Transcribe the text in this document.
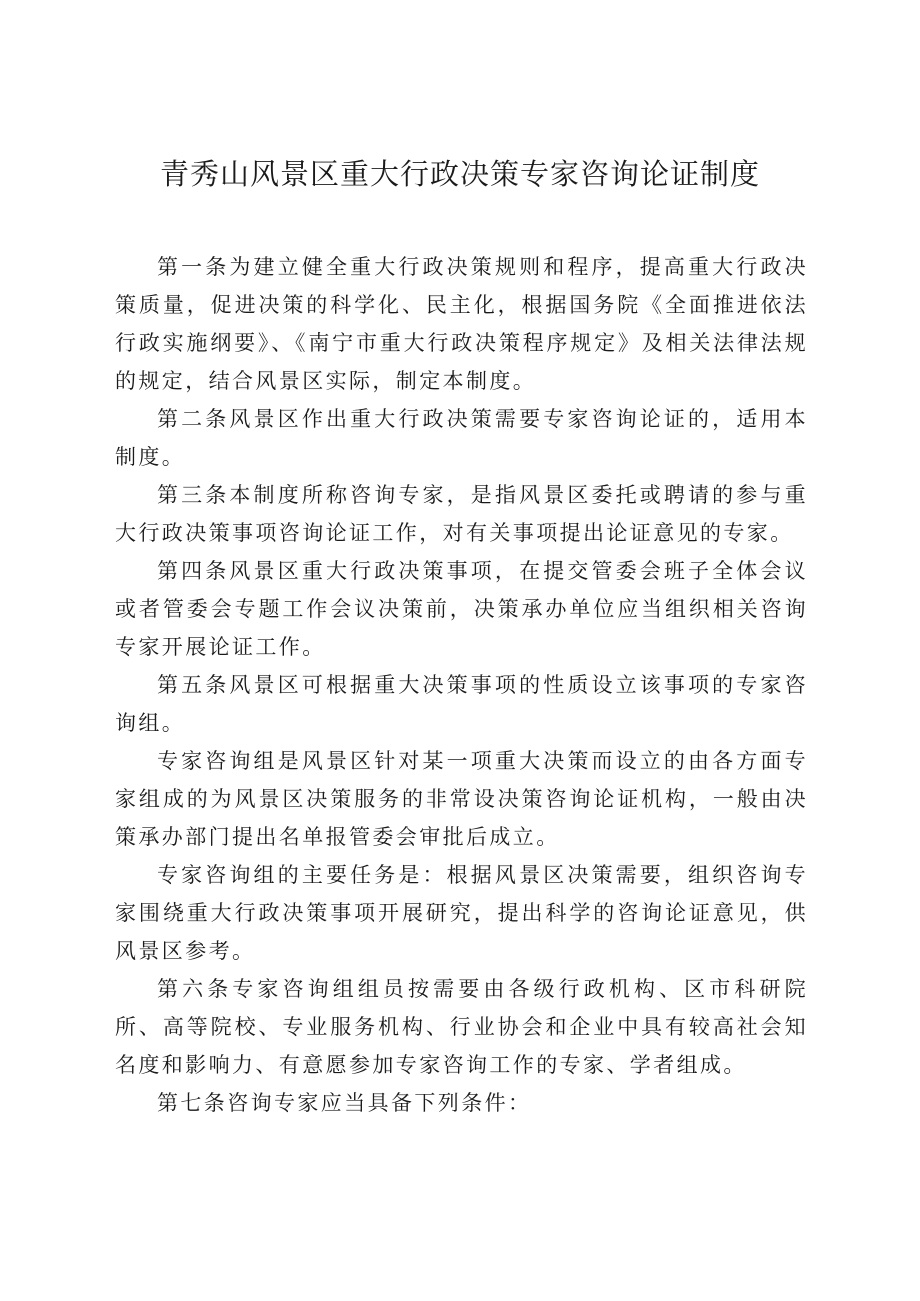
青秀山风景区重大行政决策专家咨询论证制度

第一条为建立健全重大行政决策规则和程序，提高重大行政决策质量，促进决策的科学化、民主化，根据国务院《全面推进依法行政实施纲要》、《南宁市重大行政决策程序规定》及相关法律法规的规定，结合风景区实际，制定本制度。

第二条风景区作出重大行政决策需要专家咨询论证的，适用本制度。

第三条本制度所称咨询专家，是指风景区委托或聘请的参与重大行政决策事项咨询论证工作，对有关事项提出论证意见的专家。

第四条风景区重大行政决策事项，在提交管委会班子全体会议或者管委会专题工作会议决策前，决策承办单位应当组织相关咨询专家开展论证工作。

第五条风景区可根据重大决策事项的性质设立该事项的专家咨询组。

专家咨询组是风景区针对某一项重大决策而设立的由各方面专家组成的为风景区决策服务的非常设决策咨询论证机构，一般由决策承办部门提出名单报管委会审批后成立。

专家咨询组的主要任务是：根据风景区决策需要，组织咨询专家围绕重大行政决策事项开展研究，提出科学的咨询论证意见，供风景区参考。

第六条专家咨询组组员按需要由各级行政机构、区市科研院所、高等院校、专业服务机构、行业协会和企业中具有较高社会知名度和影响力、有意愿参加专家咨询工作的专家、学者组成。

第七条咨询专家应当具备下列条件：
